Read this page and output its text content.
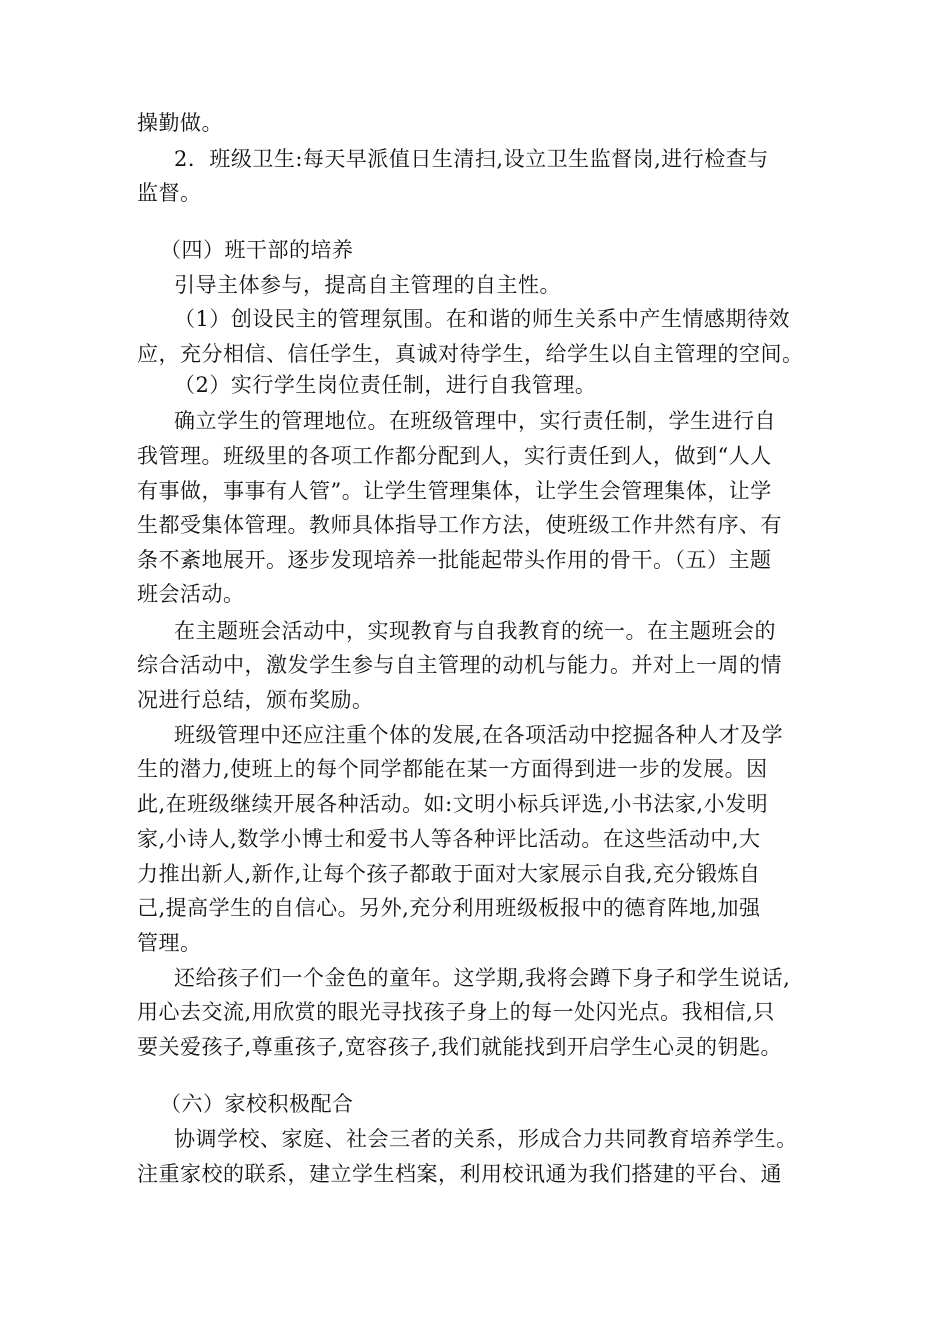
操勤做。
2．班级卫生:每天早派值日生清扫,设立卫生监督岗,进行检查与
监督。
（四）班干部的培养
引导主体参与，提高自主管理的自主性。
（1）创设民主的管理氛围。在和谐的师生关系中产生情感期待效
应，充分相信、信任学生，真诚对待学生，给学生以自主管理的空间。
（2）实行学生岗位责任制，进行自我管理。
确立学生的管理地位。在班级管理中，实行责任制，学生进行自
我管理。班级里的各项工作都分配到人，实行责任到人，做到“人人
有事做，事事有人管”。让学生管理集体，让学生会管理集体，让学
生都受集体管理。教师具体指导工作方法，使班级工作井然有序、有
条不紊地展开。逐步发现培养一批能起带头作用的骨干。（五）主题
班会活动。
在主题班会活动中，实现教育与自我教育的统一。在主题班会的
综合活动中，激发学生参与自主管理的动机与能力。并对上一周的情
况进行总结，颁布奖励。
班级管理中还应注重个体的发展,在各项活动中挖掘各种人才及学
生的潜力,使班上的每个同学都能在某一方面得到进一步的发展。因
此,在班级继续开展各种活动。如:文明小标兵评选,小书法家,小发明
家,小诗人,数学小博士和爱书人等各种评比活动。在这些活动中,大
力推出新人,新作,让每个孩子都敢于面对大家展示自我,充分锻炼自
己,提高学生的自信心。另外,充分利用班级板报中的德育阵地,加强
管理。
还给孩子们一个金色的童年。这学期,我将会蹲下身子和学生说话,
用心去交流,用欣赏的眼光寻找孩子身上的每一处闪光点。我相信,只
要关爱孩子,尊重孩子,宽容孩子,我们就能找到开启学生心灵的钥匙。
（六）家校积极配合
协调学校、家庭、社会三者的关系，形成合力共同教育培养学生。
注重家校的联系，建立学生档案，利用校讯通为我们搭建的平台、通
